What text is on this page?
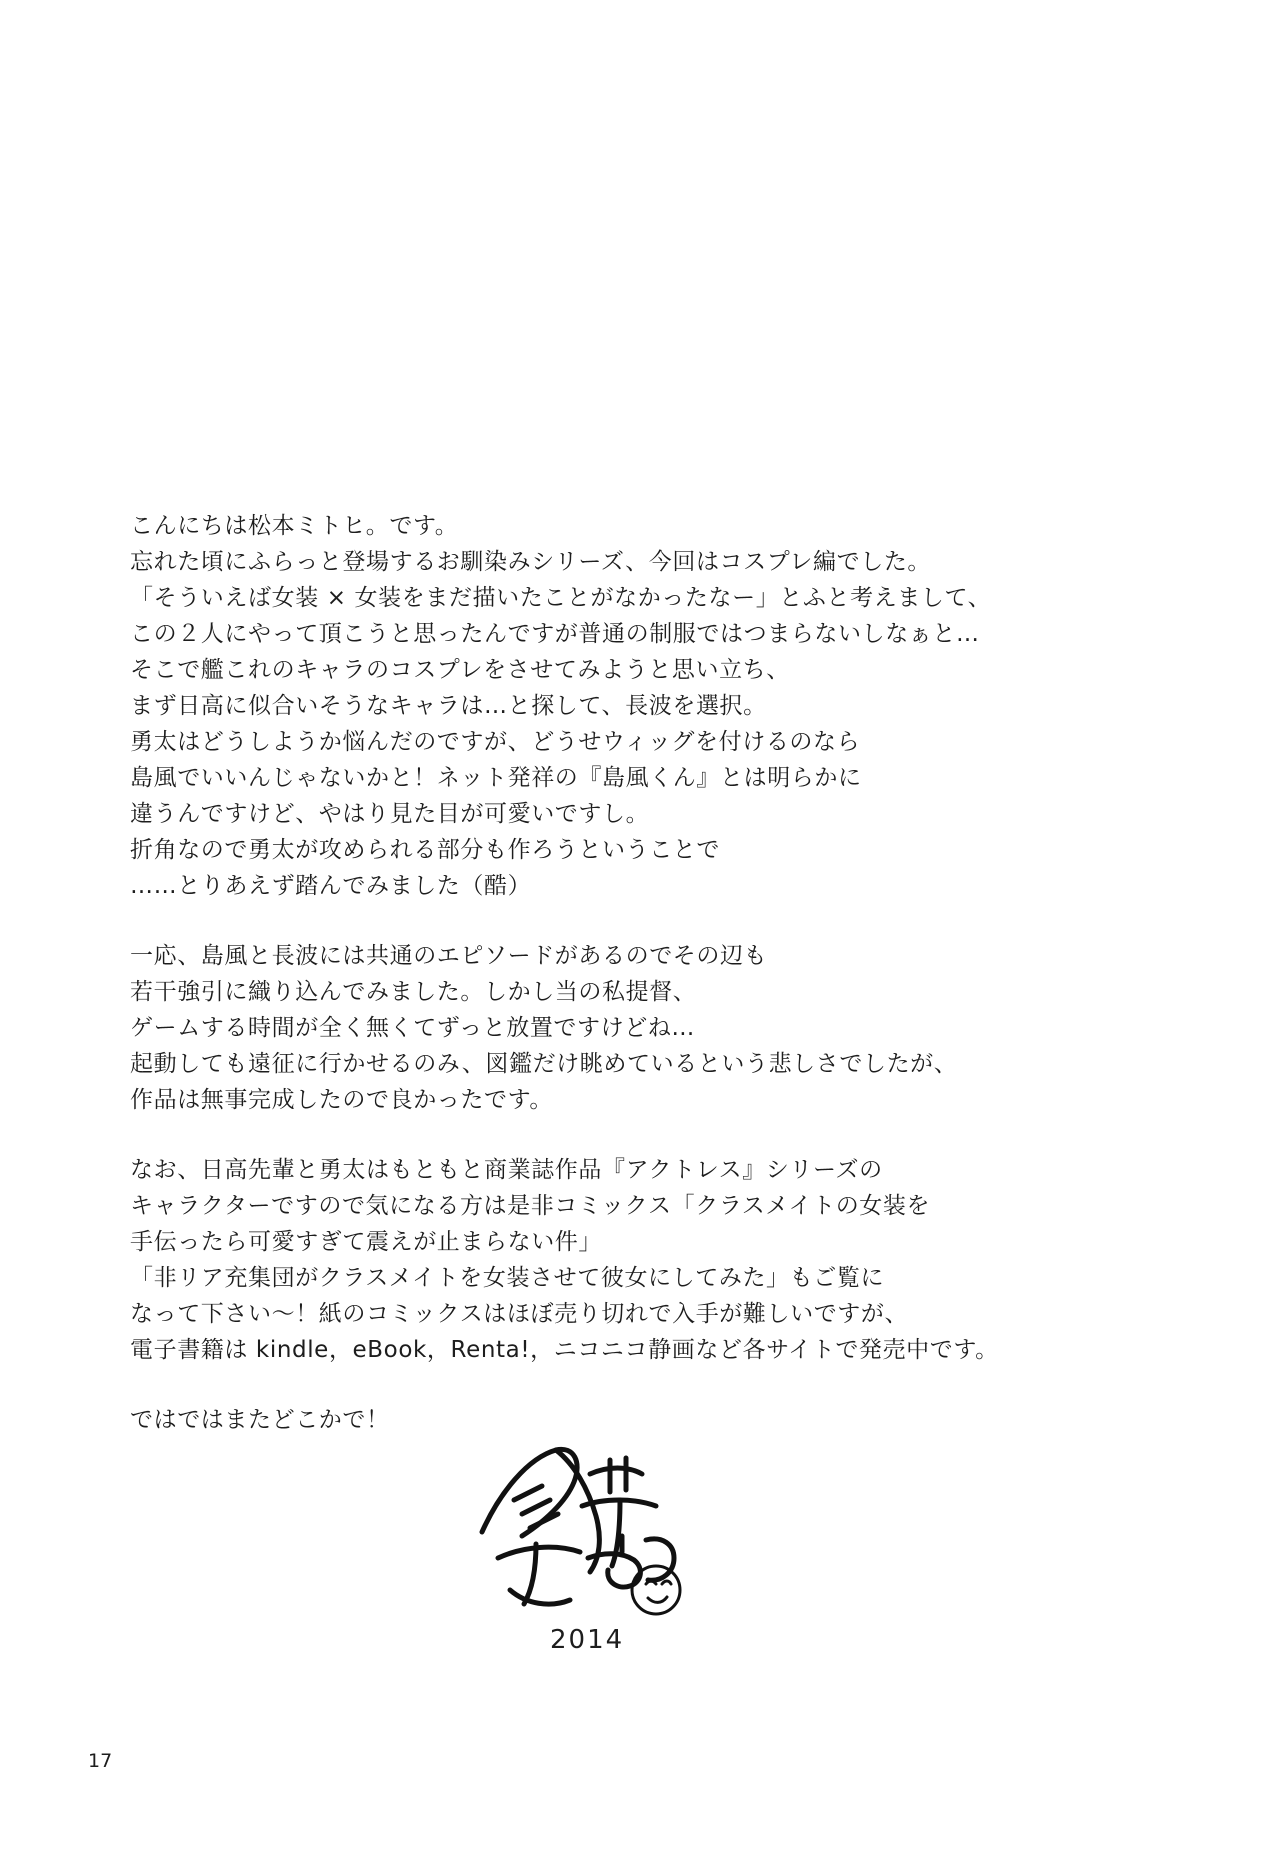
こんにちは松本ミトヒ。です。
忘れた頃にふらっと登場するお馴染みシリーズ、今回はコスプレ編でした。
「そういえば女装 × 女装をまだ描いたことがなかったなー」とふと考えまして、
この２人にやって頂こうと思ったんですが普通の制服ではつまらないしなぁと…
そこで艦これのキャラのコスプレをさせてみようと思い立ち、
まず日高に似合いそうなキャラは…と探して、長波を選択。
勇太はどうしようか悩んだのですが、どうせウィッグを付けるのなら
島風でいいんじゃないかと！ネット発祥の『島風くん』とは明らかに
違うんですけど、やはり見た目が可愛いですし。
折角なので勇太が攻められる部分も作ろうということで
……とりあえず踏んでみました（酷）
一応、島風と長波には共通のエピソードがあるのでその辺も
若干強引に織り込んでみました。しかし当の私提督、
ゲームする時間が全く無くてずっと放置ですけどね…
起動しても遠征に行かせるのみ、図鑑だけ眺めているという悲しさでしたが、
作品は無事完成したので良かったです。
なお、日高先輩と勇太はもともと商業誌作品『アクトレス』シリーズの
キャラクターですので気になる方は是非コミックス「クラスメイトの女装を
手伝ったら可愛すぎて震えが止まらない件」
「非リア充集団がクラスメイトを女装させて彼女にしてみた」もご覧に
なって下さい〜！紙のコミックスはほぼ売り切れで入手が難しいですが、
電子書籍は kindle，eBook，Renta!，ニコニコ静画など各サイトで発売中です。
ではではまたどこかで！
2014
17
